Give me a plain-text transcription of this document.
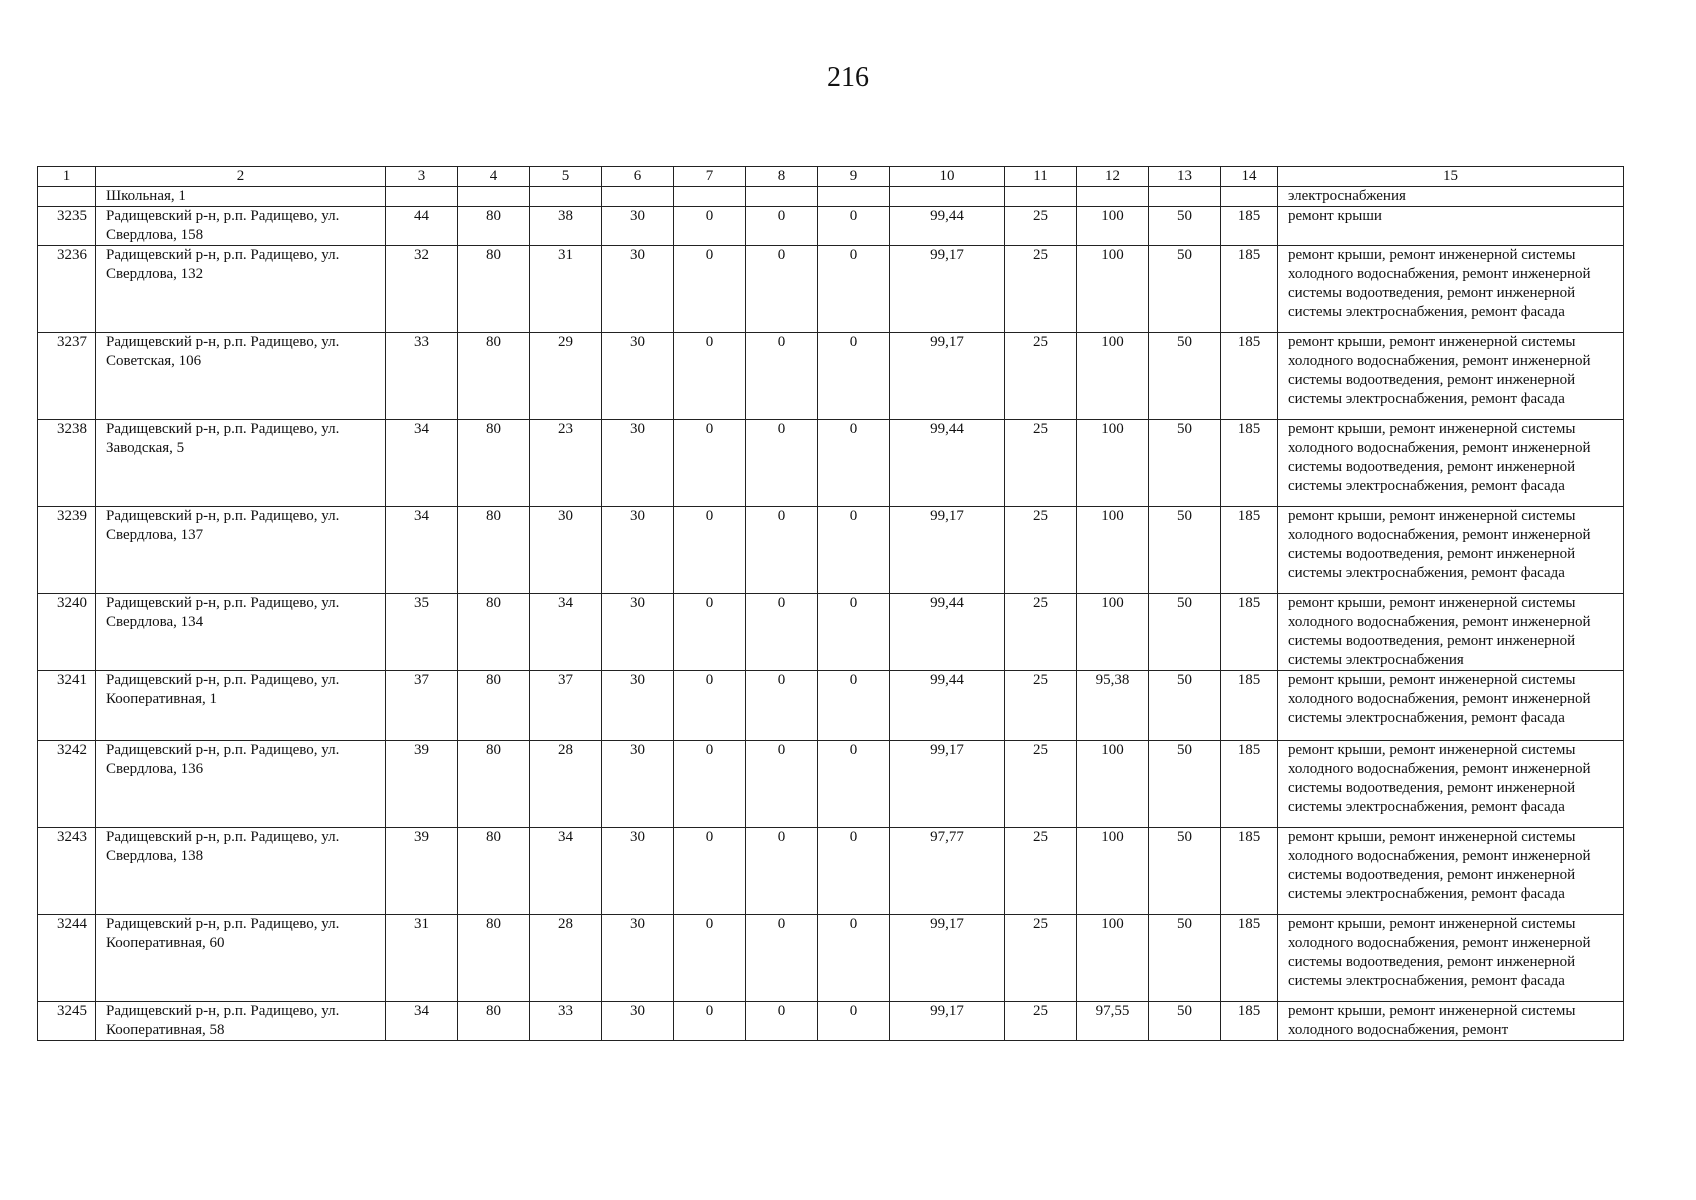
216
1	2	3	4	5	6	7	8	9	10	11	12	13	14	15
	Школьная, 1													электроснабжения
3235	Радищевский р-н, р.п. Радищево, ул. Свердлова, 158	44	80	38	30	0	0	0	99,44	25	100	50	185	ремонт крыши
3236	Радищевский р-н, р.п. Радищево, ул. Свердлова, 132	32	80	31	30	0	0	0	99,17	25	100	50	185	ремонт крыши, ремонт инженерной системы холодного водоснабжения, ремонт инженерной системы водоотведения, ремонт инженерной системы электроснабжения, ремонт фасада
3237	Радищевский р-н, р.п. Радищево, ул. Советская, 106	33	80	29	30	0	0	0	99,17	25	100	50	185	ремонт крыши, ремонт инженерной системы холодного водоснабжения, ремонт инженерной системы водоотведения, ремонт инженерной системы электроснабжения, ремонт фасада
3238	Радищевский р-н, р.п. Радищево, ул. Заводская, 5	34	80	23	30	0	0	0	99,44	25	100	50	185	ремонт крыши, ремонт инженерной системы холодного водоснабжения, ремонт инженерной системы водоотведения, ремонт инженерной системы электроснабжения, ремонт фасада
3239	Радищевский р-н, р.п. Радищево, ул. Свердлова, 137	34	80	30	30	0	0	0	99,17	25	100	50	185	ремонт крыши, ремонт инженерной системы холодного водоснабжения, ремонт инженерной системы водоотведения, ремонт инженерной системы электроснабжения, ремонт фасада
3240	Радищевский р-н, р.п. Радищево, ул. Свердлова, 134	35	80	34	30	0	0	0	99,44	25	100	50	185	ремонт крыши, ремонт инженерной системы холодного водоснабжения, ремонт инженерной системы водоотведения, ремонт инженерной системы электроснабжения
3241	Радищевский р-н, р.п. Радищево, ул. Кооперативная, 1	37	80	37	30	0	0	0	99,44	25	95,38	50	185	ремонт крыши, ремонт инженерной системы холодного водоснабжения, ремонт инженерной системы электроснабжения, ремонт фасада
3242	Радищевский р-н, р.п. Радищево, ул. Свердлова, 136	39	80	28	30	0	0	0	99,17	25	100	50	185	ремонт крыши, ремонт инженерной системы холодного водоснабжения, ремонт инженерной системы водоотведения, ремонт инженерной системы электроснабжения, ремонт фасада
3243	Радищевский р-н, р.п. Радищево, ул. Свердлова, 138	39	80	34	30	0	0	0	97,77	25	100	50	185	ремонт крыши, ремонт инженерной системы холодного водоснабжения, ремонт инженерной системы водоотведения, ремонт инженерной системы электроснабжения, ремонт фасада
3244	Радищевский р-н, р.п. Радищево, ул. Кооперативная, 60	31	80	28	30	0	0	0	99,17	25	100	50	185	ремонт крыши, ремонт инженерной системы холодного водоснабжения, ремонт инженерной системы водоотведения, ремонт инженерной системы электроснабжения, ремонт фасада
3245	Радищевский р-н, р.п. Радищево, ул. Кооперативная, 58	34	80	33	30	0	0	0	99,17	25	97,55	50	185	ремонт крыши, ремонт инженерной системы холодного водоснабжения, ремонт
